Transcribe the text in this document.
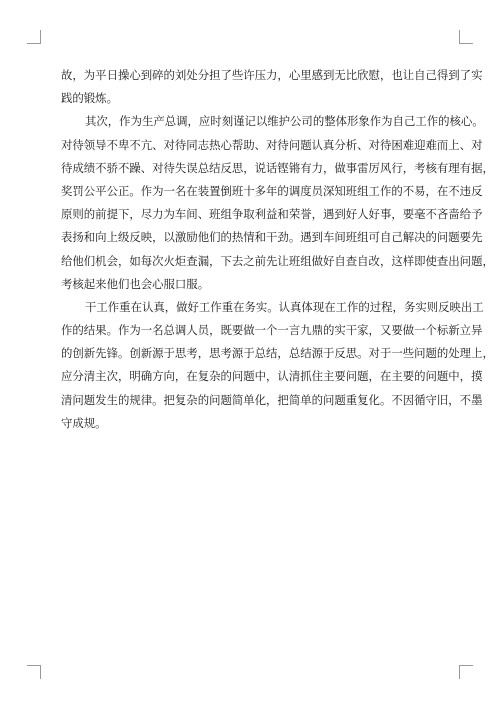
故，为平日操心到碎的刘处分担了些许压力，心里感到无比欣慰，也让自己得到了实
践的锻炼。
其次，作为生产总调，应时刻谨记以维护公司的整体形象作为自己工作的核心。
对待领导不卑不亢、对待同志热心帮助、对待问题认真分析、对待困难迎难而上、对
待成绩不骄不躁、对待失误总结反思，说话铿锵有力，做事雷厉风行，考核有理有据，
奖罚公平公正。作为一名在装置倒班十多年的调度员深知班组工作的不易，在不违反
原则的前提下，尽力为车间、班组争取利益和荣誉，遇到好人好事，要毫不吝啬给予
表扬和向上级反映，以激励他们的热情和干劲。遇到车间班组可自己解决的问题要先
给他们机会，如每次火炬查漏，下去之前先让班组做好自查自改，这样即使查出问题，
考核起来他们也会心服口服。
干工作重在认真，做好工作重在务实。认真体现在工作的过程，务实则反映出工
作的结果。作为一名总调人员，既要做一个一言九鼎的实干家，又要做一个标新立异
的创新先锋。创新源于思考，思考源于总结，总结源于反思。对于一些问题的处理上，
应分清主次，明确方向，在复杂的问题中，认清抓住主要问题，在主要的问题中，摸
清问题发生的规律。把复杂的问题简单化，把简单的问题重复化。不因循守旧，不墨
守成规。
